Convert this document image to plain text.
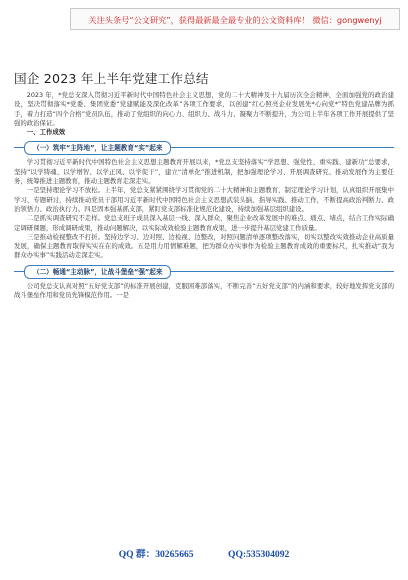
关注头条号“公文研究”，获得最新最全最专业的公文资料库！ 微信：gongwenyj
国企 2023 年上半年党建工作总结

2023 年，*党总支深入贯彻习近平新时代中国特色社会主义思想，党的二十大精神及十九届历次全会精神，全面加强党的政治建设，坚决贯彻落实*党委、集团党委“党建赋能及深化改革”各项工作要求，以创建“红心照亮企业发展先*心向党*”特色党建品牌为抓手，着力打造“四个合格”党员队伍，推动了党组织的向心力、组织力、战斗力、凝聚力不断提升，为公司上半年各项工作开展提供了坚强的政治保证。

一、工作成效

（一）筑牢“主阵地”，让主题教育“实”起来

学习贯彻习近平新时代中国特色社会主义思想主题教育开展以来，*党总支坚持落实“学思想、强党性、重实践、建新功”总要求，坚持“以学铸魂、以学增智、以学正风、以学促干”，建立“清单化”推进机制，把加强理论学习、开展调查研究、推动发展作为主要任务，统筹推进主题教育，推动主题教育走深走实。

一是坚持理论学习不放松。上半年，党总支紧紧围绕学习贯彻党的二十大精神和主题教育，制定理论学习计划，认真组织开展集中学习、专题研讨，持续推动党员干部用习近平新时代中国特色社会主义思想武装头脑、指导实践、推动工作，不断提高政治判断力、政治领悟力、政治执行力。四是固本强基抓支部，紧盯党支部标准化规范化建设，持续加强基层组织建设。

二是抓实调查研究不走样。党总支班子成员深入基层一线、深入群众，聚焦企业改革发展中的难点、痛点、堵点，结合工作实际确定调研课题，形成调研成果，推动问题解决，以实际成效检验主题教育成果，进一步提升基层党建工作质量。

三是推动检视整改不打折。坚持边学习、边对照、边检视、边整改，对照问题清单逐项整改落实，切实以整改实效推动企业高质量发展，确保主题教育取得实实在在的成效。五是用力用情解难题，把为群众办实事作为检验主题教育成效的重要标尺，扎实推动“我为群众办实事”实践活动走深走实。

（二）畅通“主动脉”，让战斗堡垒“强”起来

公司党总支认真对照“五好党支部”的标准开展创建，克服困难部落实，不断完善“五好党支部”的内涵和要求，较好地发挥党支部的战斗堡垒作用和党员先锋模范作用。一是

QQ 群：30265665	QQ:535304092
